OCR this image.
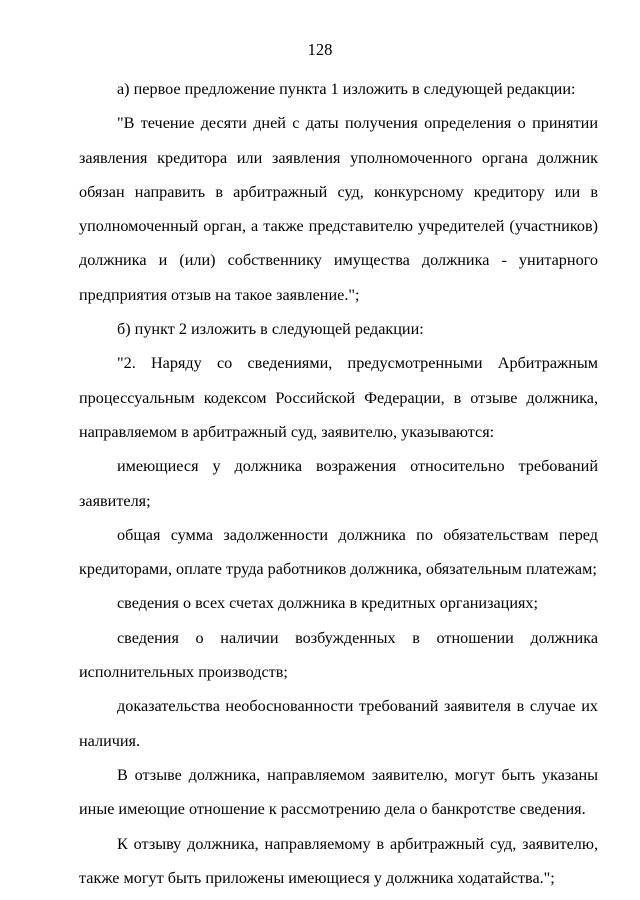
128

а) первое предложение пункта 1 изложить в следующей редакции:

"В течение десяти дней с даты получения определения о принятии заявления кредитора или заявления уполномоченного органа должник обязан направить в арбитражный суд, конкурсному кредитору или в уполномоченный орган, а также представителю учредителей (участников) должника и (или) собственнику имущества должника - унитарного предприятия отзыв на такое заявление.";

б) пункт 2 изложить в следующей редакции:

"2. Наряду со сведениями, предусмотренными Арбитражным процессуальным кодексом Российской Федерации, в отзыве должника, направляемом в арбитражный суд, заявителю, указываются:

имеющиеся у должника возражения относительно требований заявителя;

общая сумма задолженности должника по обязательствам перед кредиторами, оплате труда работников должника, обязательным платежам;

сведения о всех счетах должника в кредитных организациях;

сведения о наличии возбужденных в отношении должника исполнительных производств;

доказательства необоснованности требований заявителя в случае их наличия.

В отзыве должника, направляемом заявителю, могут быть указаны иные имеющие отношение к рассмотрению дела о банкротстве сведения.

К отзыву должника, направляемому в арбитражный суд, заявителю, также могут быть приложены имеющиеся у должника ходатайства.";
